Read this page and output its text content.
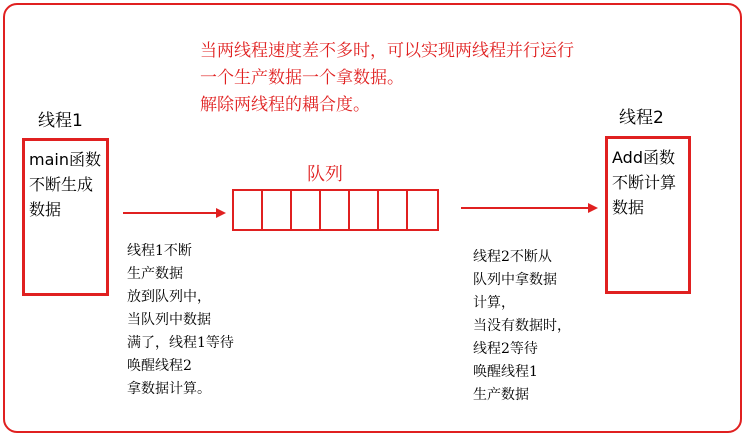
当两线程速度差不多时，可以实现两线程并行运行
一个生产数据一个拿数据。
解除两线程的耦合度。
线程1
main函数
不断生成
数据
队列
线程2
Add函数
不断计算
数据
线程1不断
生产数据
放到队列中，
当队列中数据
满了，线程1等待
唤醒线程2
拿数据计算。
线程2不断从
队列中拿数据
计算，
当没有数据时，
线程2等待
唤醒线程1
生产数据
